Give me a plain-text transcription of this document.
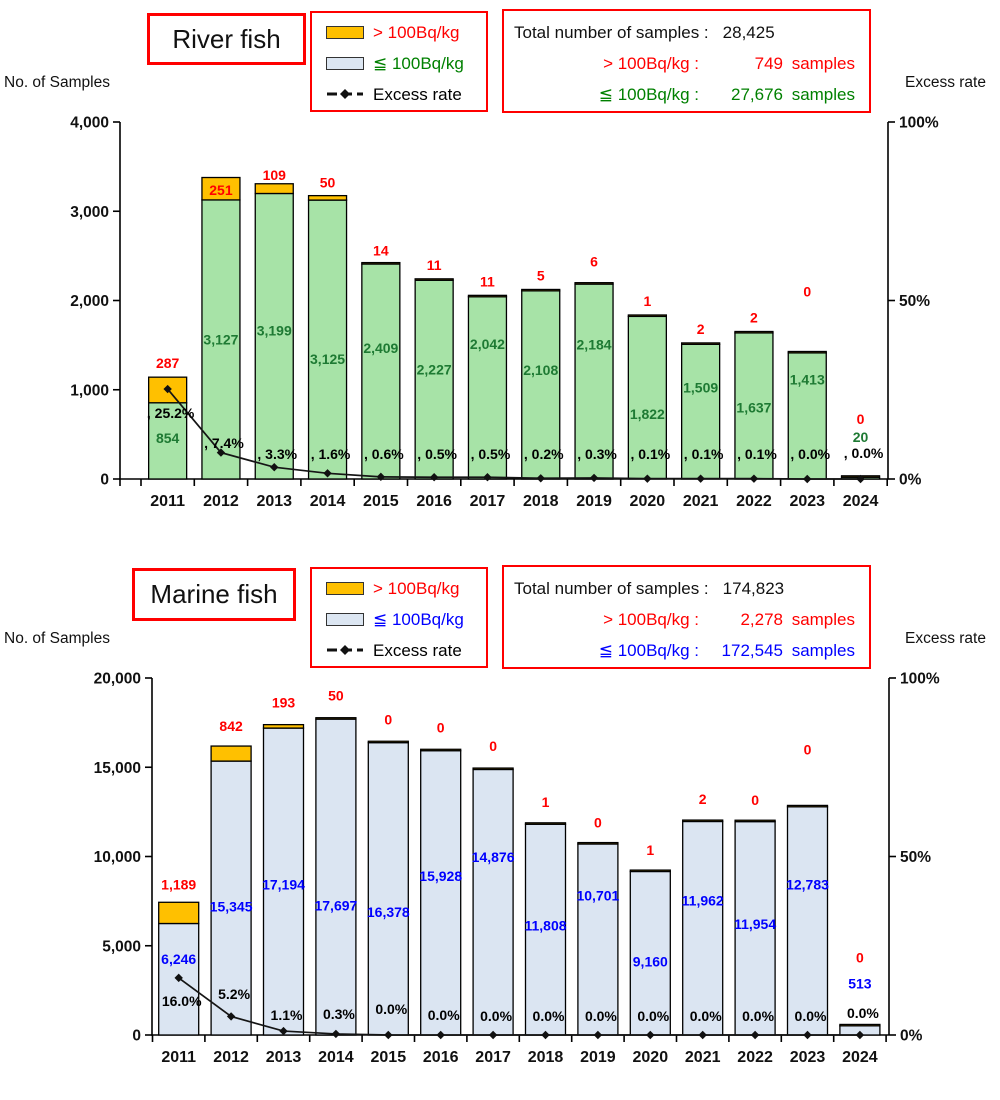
0
1,000
2,000
3,000
4,000
0%
50%
100%
2011 2012 2013 2014 2015 2016 2017 2018 2019 2020 2021 2022 2023 2024
854
287
3,127
251
3,199
109
3,125
50
2,409
14
2,227
11
2,042
11
2,108
5
2,184
6
1,822
1
1,509
2
1,637
2
1,413
0
20
0
, 25.2%
, 7.4%
, 3.3% , 1.6% , 0.6% , 0.5% , 0.5% , 0.2% , 0.3% , 0.1% , 0.1% , 0.1% , 0.0% , 0.0%
River fish	> 100Bq/kg
≦ 100Bq/kg
Excess rate
Total number of samples : 28,425
> 100Bq/kg :	749 samples
≦ 100Bq/kg :	27,676 samples
No. of Samples	Excess rate
0
5,000
10,000
15,000
20,000
0%
50%
100%
2011 2012 2013 2014 2015 2016 2017 2018 2019 2020 2021 2022 2023 2024
6,246
1,189
15,345
842
17,194
193
17,697
50
16,378
0
15,928
0
14,876
0
11,808
1
10,701
0
9,160
1
11,962
2
11,954
0
12,783
0
513
0
16.0% 5.2%
1.1% 0.3% 0.0% 0.0% 0.0% 0.0% 0.0% 0.0% 0.0% 0.0% 0.0% 0.0%
Marine fish	> 100Bq/kg
≦ 100Bq/kg
Excess rate
Total number of samples : 174,823
> 100Bq/kg :	2,278 samples
≦ 100Bq/kg :	172,545 samples
No. of Samples	Excess rate
